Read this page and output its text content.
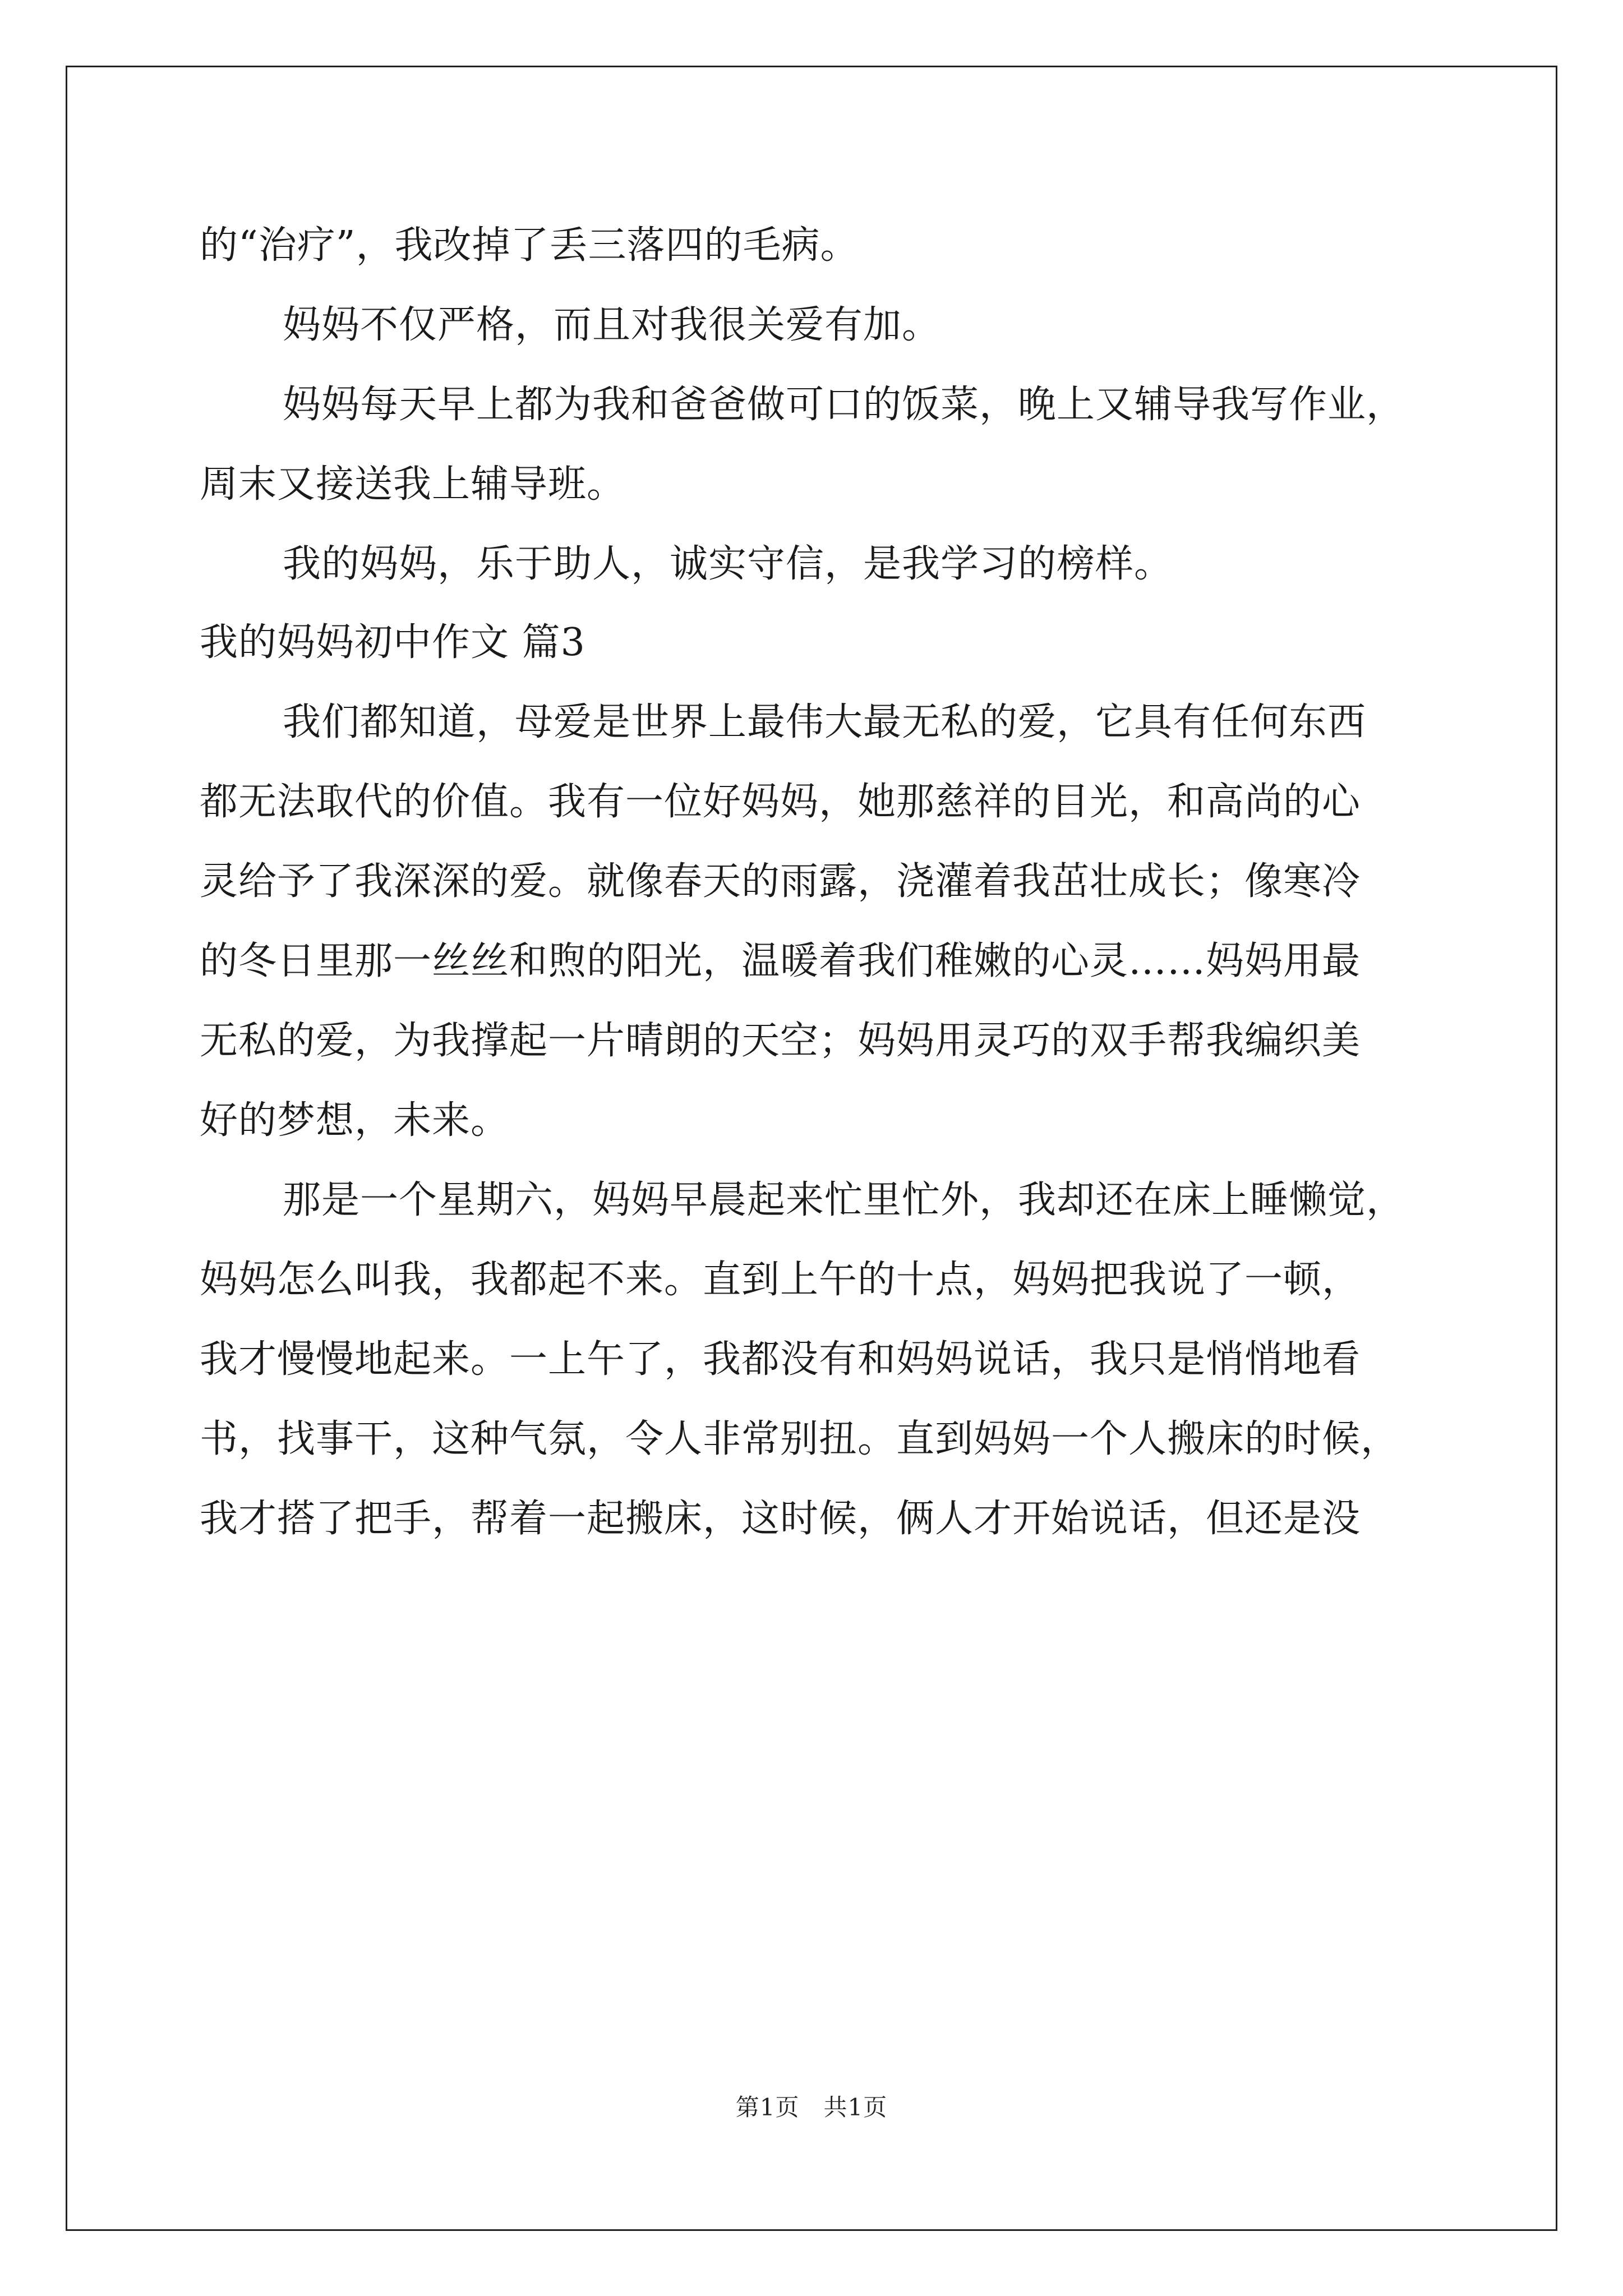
的“治疗”，我改掉了丢三落四的毛病。
妈妈不仅严格，而且对我很关爱有加。
妈妈每天早上都为我和爸爸做可口的饭菜，晚上又辅导我写作业，
周末又接送我上辅导班。
我的妈妈，乐于助人，诚实守信，是我学习的榜样。
我的妈妈初中作文 篇3
我们都知道，母爱是世界上最伟大最无私的爱，它具有任何东西
都无法取代的价值。我有一位好妈妈，她那慈祥的目光，和高尚的心
灵给予了我深深的爱。就像春天的雨露，浇灌着我茁壮成长；像寒冷
的冬日里那一丝丝和煦的阳光，温暖着我们稚嫩的心灵……妈妈用最
无私的爱，为我撑起一片晴朗的天空；妈妈用灵巧的双手帮我编织美
好的梦想，未来。
那是一个星期六，妈妈早晨起来忙里忙外，我却还在床上睡懒觉，
妈妈怎么叫我，我都起不来。直到上午的十点，妈妈把我说了一顿，
我才慢慢地起来。一上午了，我都没有和妈妈说话，我只是悄悄地看
书，找事干，这种气氛，令人非常别扭。直到妈妈一个人搬床的时候，
我才搭了把手，帮着一起搬床，这时候，俩人才开始说话，但还是没
第1页　共1页
